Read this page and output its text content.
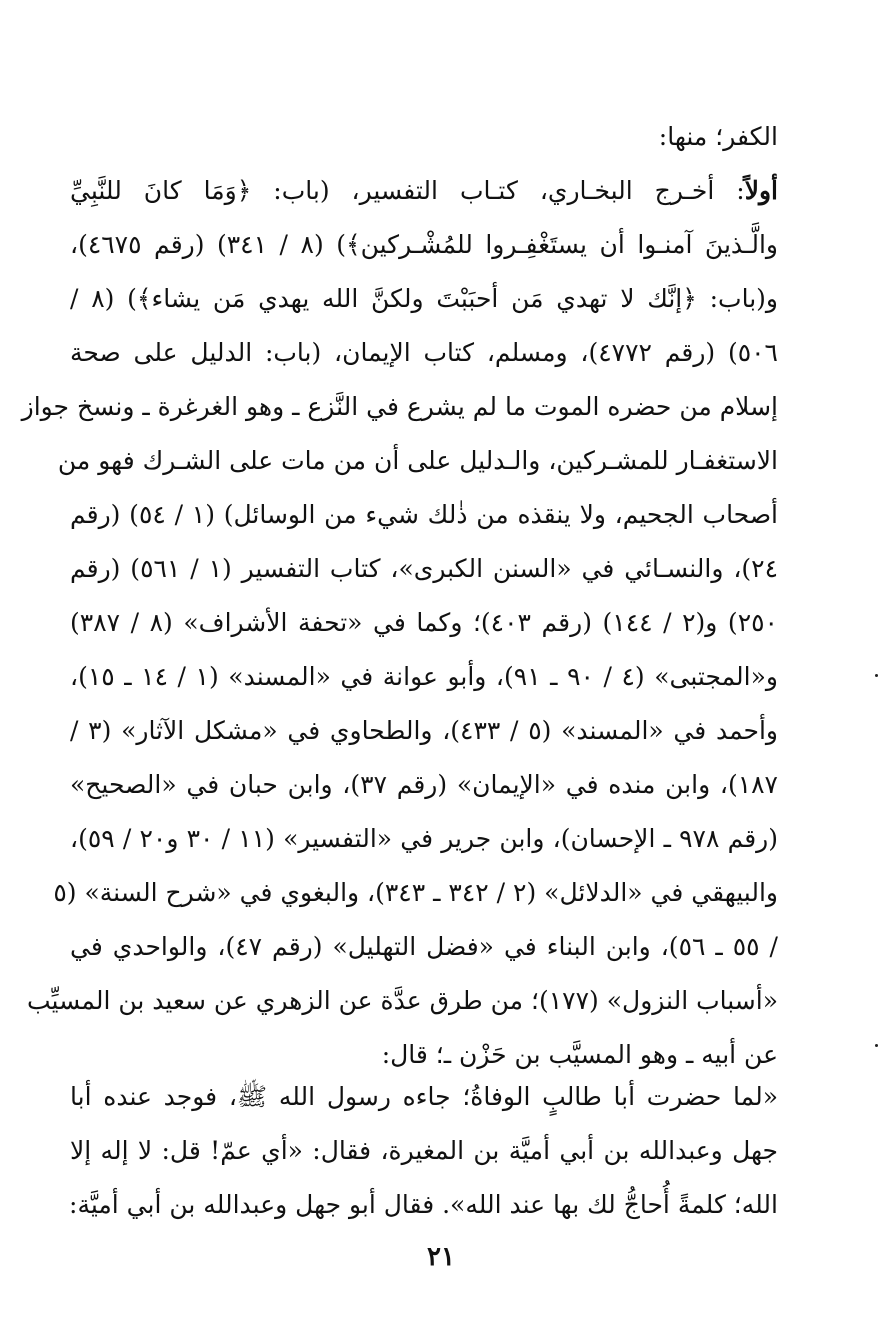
الكفر؛ منها:
أولاً: أخـرج البخـاري، كتـاب التفسير، (باب: ﴿وَمَا كانَ للنَّبِيِّ
والَّـذينَ آمنـوا أن يستَغْفِـروا للمُشْـركين﴾) (٨ / ٣٤١) (رقم ٤٦٧٥)،
و(باب: ﴿إنَّك لا تهدي مَن أحبَبْتَ ولكنَّ الله يهدي مَن يشاء﴾) (٨ /
٥٠٦) (رقم ٤٧٧٢)، ومسلم، كتاب الإيمان، (باب: الدليل على صحة
إسلام من حضره الموت ما لم يشرع في النَّزع ـ وهو الغرغرة ـ ونسخ جواز
الاستغفـار للمشـركين، والـدليل على أن من مات على الشـرك فهو من
أصحاب الجحيم، ولا ينقذه من ذٰلك شيء من الوسائل) (١ / ٥٤) (رقم
٢٤)، والنسـائي في «السنن الكبرى»، كتاب التفسير (١ / ٥٦١) (رقم
٢٥٠) و(٢ / ١٤٤) (رقم ٤٠٣)؛ وكما في «تحفة الأشراف» (٨ / ٣٨٧)
و«المجتبى» (٤ / ٩٠ ـ ٩١)، وأبو عوانة في «المسند» (١ / ١٤ ـ ١٥)،
وأحمد في «المسند» (٥ / ٤٣٣)، والطحاوي في «مشكل الآثار» (٣ /
١٨٧)، وابن منده في «الإيمان» (رقم ٣٧)، وابن حبان في «الصحيح»
(رقم ٩٧٨ ـ الإحسان)، وابن جرير في «التفسير» (١١ / ٣٠ و٢٠ / ٥٩)،
والبيهقي في «الدلائل» (٢ / ٣٤٢ ـ ٣٤٣)، والبغوي في «شرح السنة» (٥
/ ٥٥ ـ ٥٦)، وابن البناء في «فضل التهليل» (رقم ٤٧)، والواحدي في
«أسباب النزول» (١٧٧)؛ من طرق عدَّة عن الزهري عن سعيد بن المسيِّب
عن أبيه ـ وهو المسيَّب بن حَزْن ـ؛ قال:
«لما حضرت أبا طالبٍ الوفاةُ؛ جاءه رسول الله ﷺ، فوجد عنده أبا
جهل وعبدالله بن أبي أميَّة بن المغيرة، فقال: «أي عمّ! قل: لا إله إلا
الله؛ كلمةً أُحاجُّ لك بها عند الله». فقال أبو جهل وعبدالله بن أبي أميَّة:
٢١
